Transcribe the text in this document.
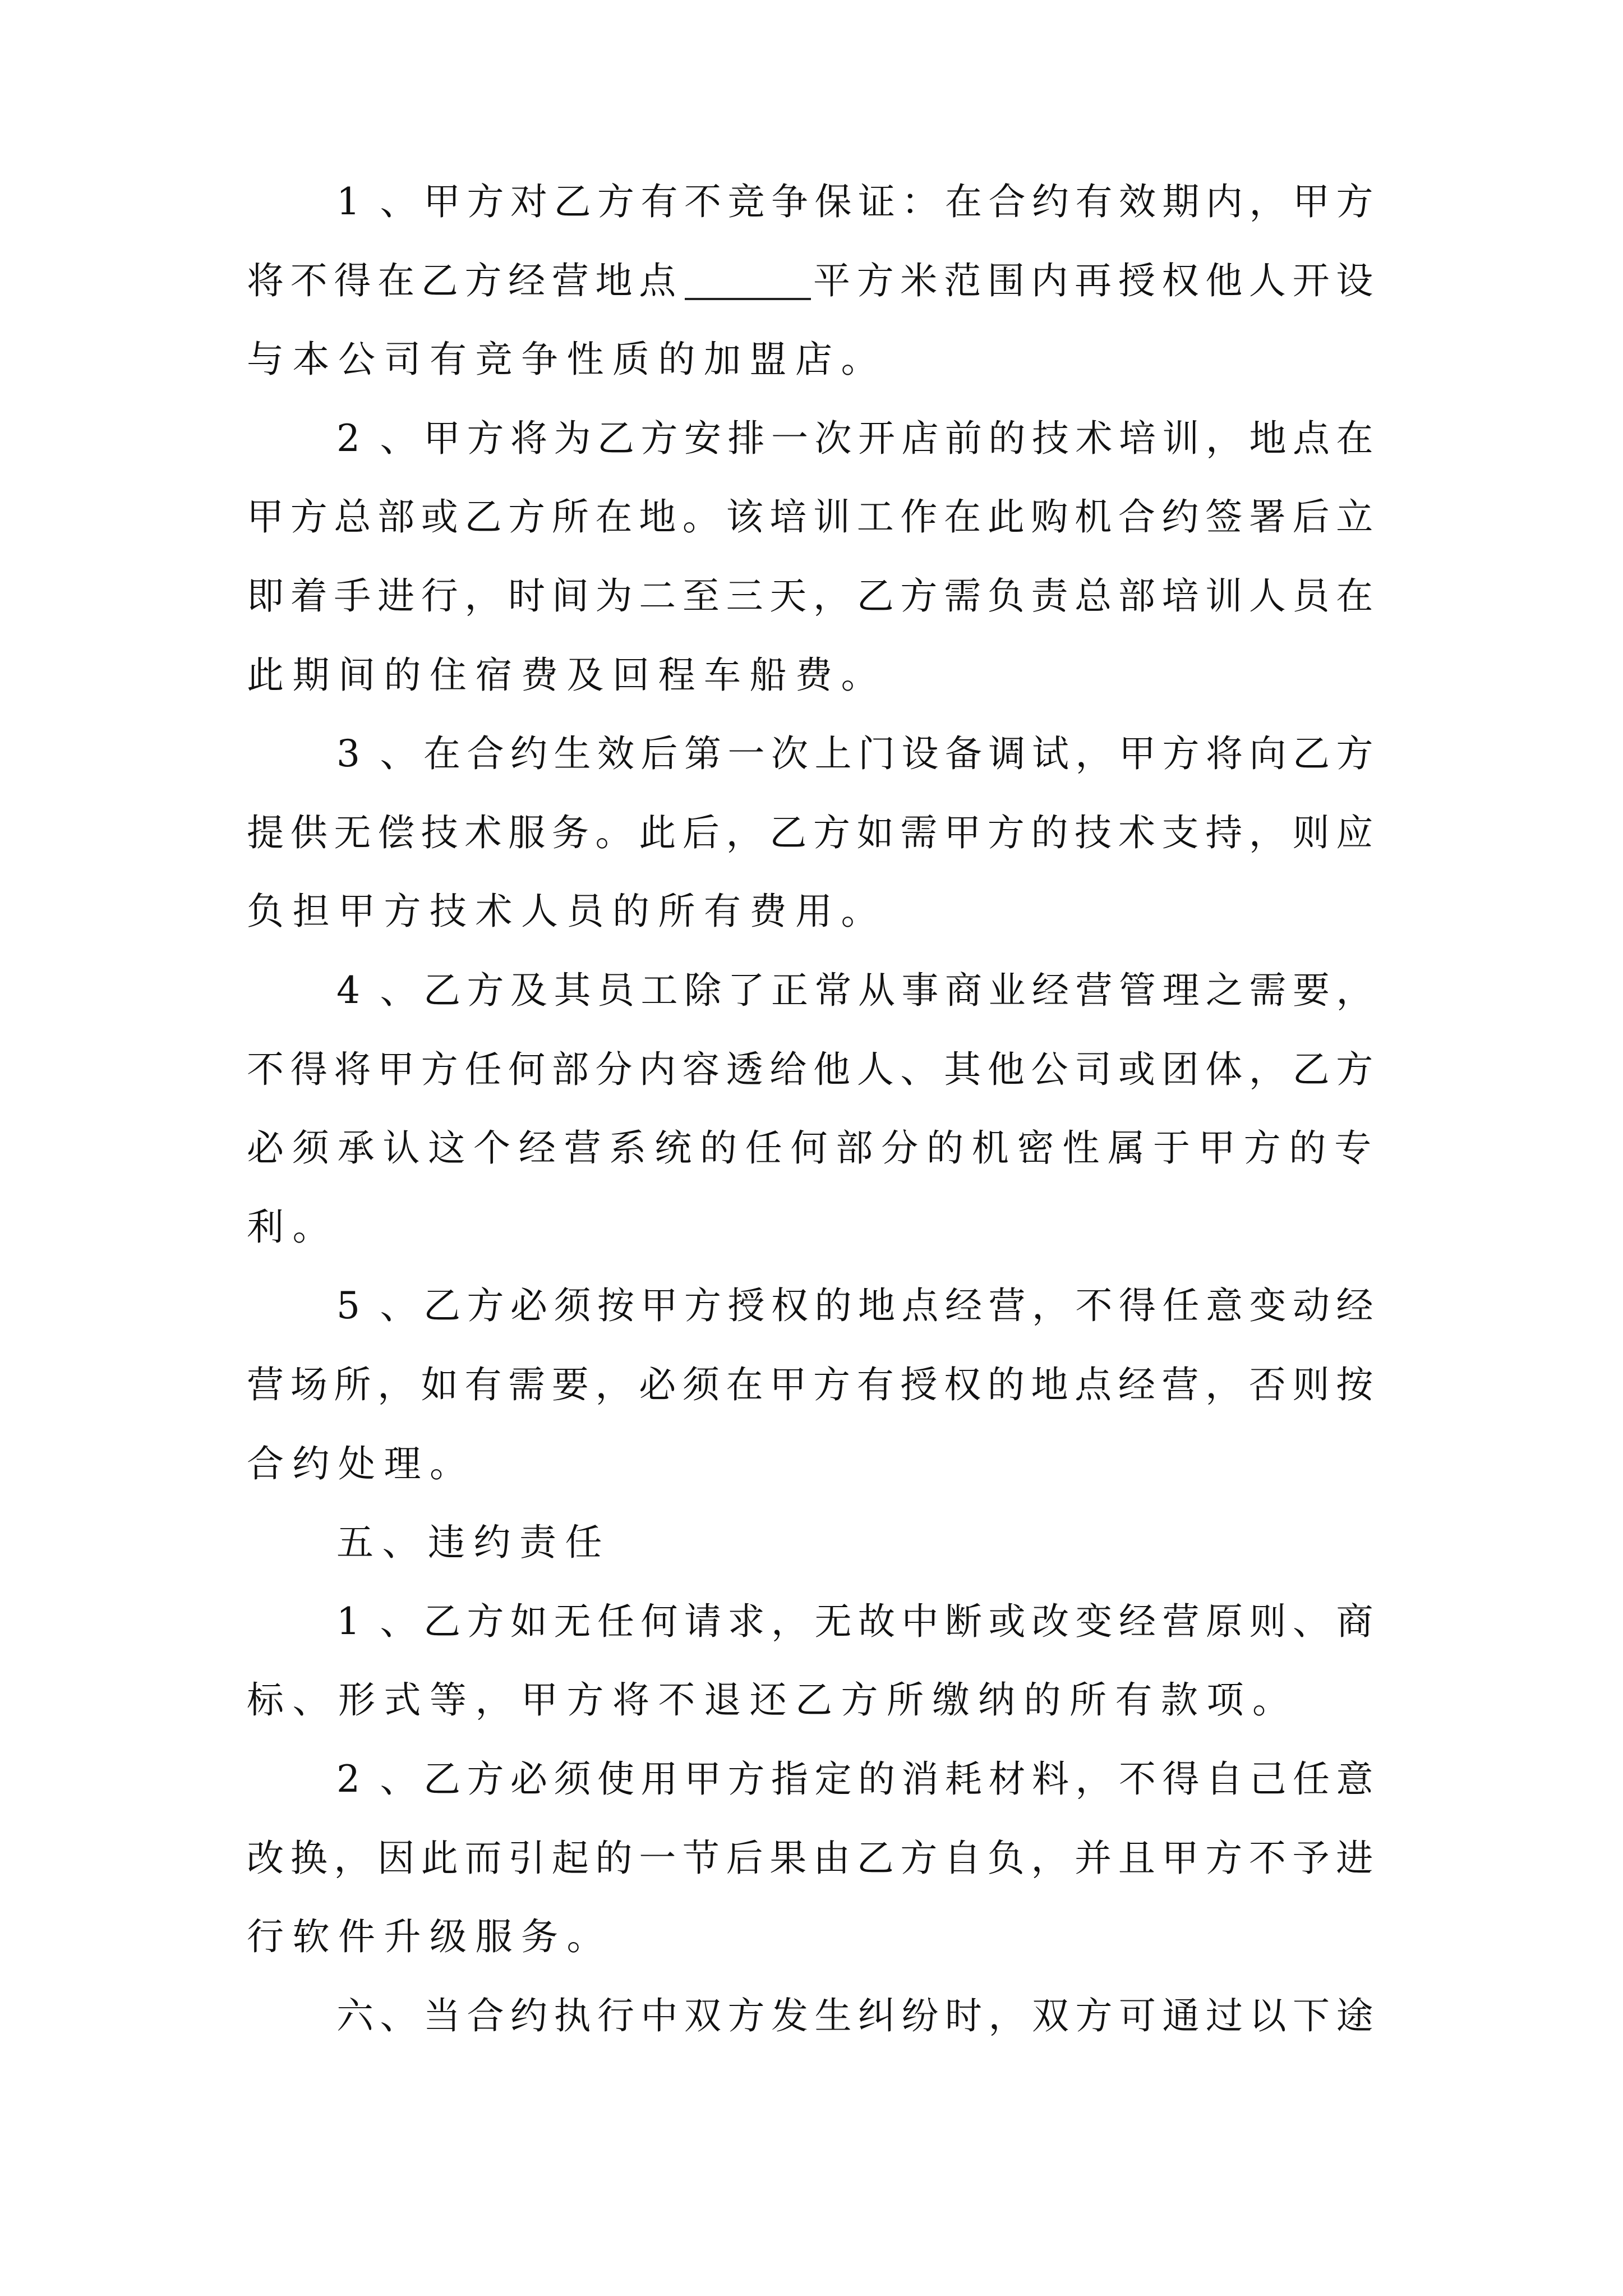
1 、 甲 方 对 乙 方 有 不 竞 争 保 证 ： 在 合 约 有 效 期 内 ， 甲 方
将 不 得 在 乙 方 经 营 地 点	平 方 米 范 围 内 再 授 权 他 人 开 设
与 本 公 司 有 竞 争 性 质 的 加 盟 店 。
2 、 甲 方 将 为 乙 方 安 排 一 次 开 店 前 的 技 术 培 训 ， 地 点 在
甲 方 总 部 或 乙 方 所 在 地 。 该 培 训 工 作 在 此 购 机 合 约 签 署 后 立
即 着 手 进 行 ， 时 间 为 二 至 三 天 ， 乙 方 需 负 责 总 部 培 训 人 员 在
此 期 间 的 住 宿 费 及 回 程 车 船 费 。
3 、 在 合 约 生 效 后 第 一 次 上 门 设 备 调 试 ， 甲 方 将 向 乙 方
提 供 无 偿 技 术 服 务 。 此 后 ， 乙 方 如 需 甲 方 的 技 术 支 持 ， 则 应
负 担 甲 方 技 术 人 员 的 所 有 费 用 。
4 、 乙 方 及 其 员 工 除 了 正 常 从 事 商 业 经 营 管 理 之 需 要 ，
不 得 将 甲 方 任 何 部 分 内 容 透 给 他 人 、 其 他 公 司 或 团 体 ， 乙 方
必 须 承 认 这 个 经 营 系 统 的 任 何 部 分 的 机 密 性 属 于 甲 方 的 专
利 。
5 、 乙 方 必 须 按 甲 方 授 权 的 地 点 经 营 ， 不 得 任 意 变 动 经
营 场 所 ， 如 有 需 要 ， 必 须 在 甲 方 有 授 权 的 地 点 经 营 ， 否 则 按
合 约 处 理 。
五 、 违 约 责 任
1 、 乙 方 如 无 任 何 请 求 ， 无 故 中 断 或 改 变 经 营 原 则 、 商
标 、 形 式 等 ， 甲 方 将 不 退 还 乙 方 所 缴 纳 的 所 有 款 项 。
2 、 乙 方 必 须 使 用 甲 方 指 定 的 消 耗 材 料 ， 不 得 自 己 任 意
改 换 ， 因 此 而 引 起 的 一 节 后 果 由 乙 方 自 负 ， 并 且 甲 方 不 予 进
行 软 件 升 级 服 务 。
六 、 当 合 约 执 行 中 双 方 发 生 纠 纷 时 ， 双 方 可 通 过 以 下 途
